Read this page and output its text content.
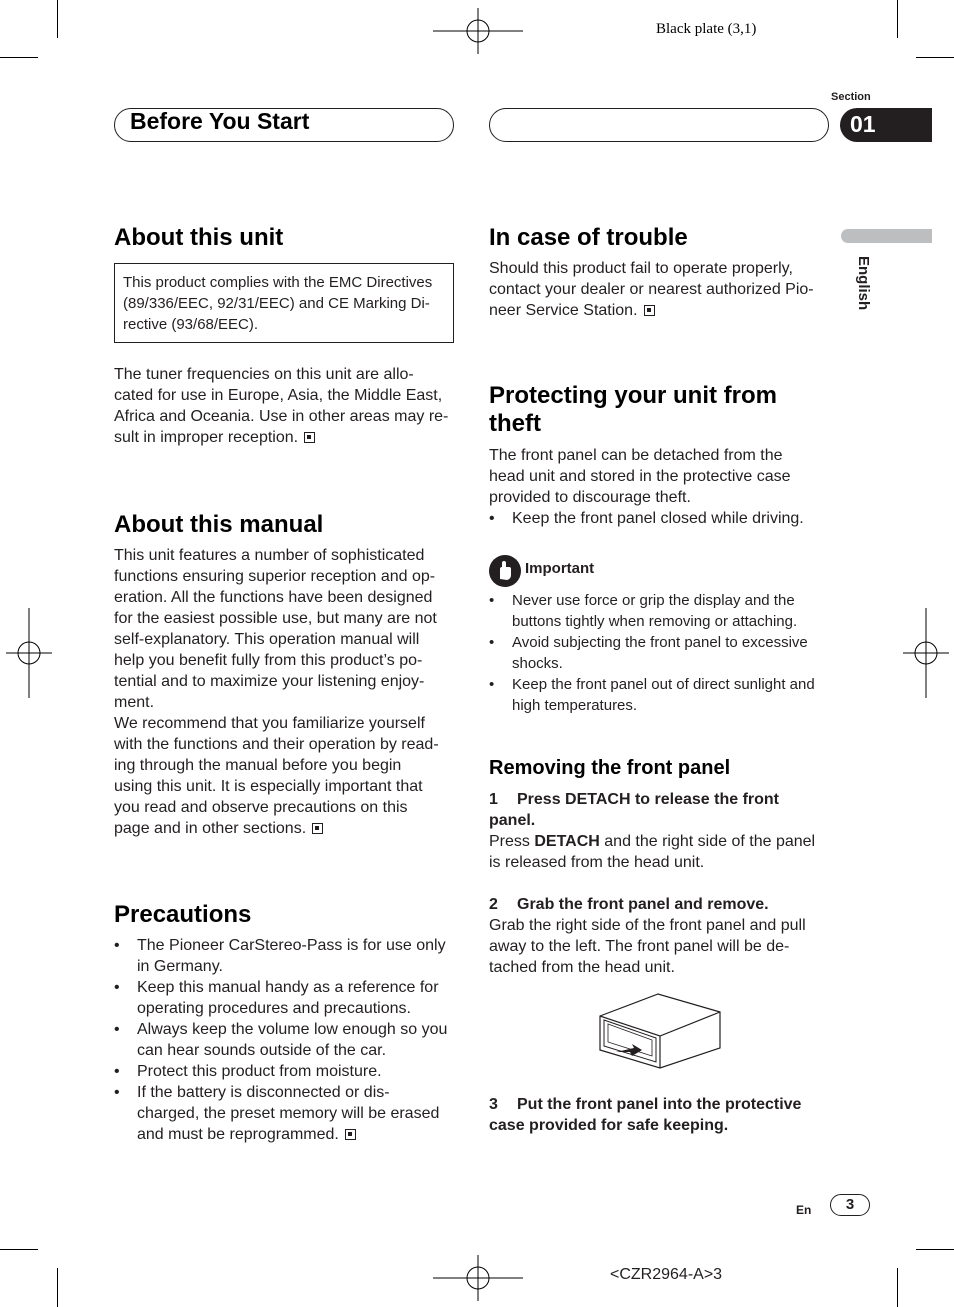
Black plate (3,1)
Before You Start
Section
01
English
About this unit
This product complies with the EMC Directives
(89/336/EEC, 92/31/EEC) and CE Marking Di-
rective (93/68/EEC).
The tuner frequencies on this unit are allo-
cated for use in Europe, Asia, the Middle East,
Africa and Oceania. Use in other areas may re-
sult in improper reception.
About this manual
This unit features a number of sophisticated
functions ensuring superior reception and op-
eration. All the functions have been designed
for the easiest possible use, but many are not
self-explanatory. This operation manual will
help you benefit fully from this product’s po-
tential and to maximize your listening enjoy-
ment.
We recommend that you familiarize yourself
with the functions and their operation by read-
ing through the manual before you begin
using this unit. It is especially important that
you read and observe precautions on this
page and in other sections.
Precautions
• The Pioneer CarStereo-Pass is for use only
in Germany.
• Keep this manual handy as a reference for
operating procedures and precautions.
• Always keep the volume low enough so you
can hear sounds outside of the car.
• Protect this product from moisture.
• If the battery is disconnected or dis-
charged, the preset memory will be erased
and must be reprogrammed.
In case of trouble
Should this product fail to operate properly,
contact your dealer or nearest authorized Pio-
neer Service Station.
Protecting your unit from
theft
The front panel can be detached from the
head unit and stored in the protective case
provided to discourage theft.
• Keep the front panel closed while driving.
Important
• Never use force or grip the display and the
buttons tightly when removing or attaching.
• Avoid subjecting the front panel to excessive
shocks.
• Keep the front panel out of direct sunlight and
high temperatures.
Removing the front panel
1 Press DETACH to release the front
panel.
Press DETACH and the right side of the panel
is released from the head unit.
2 Grab the front panel and remove.
Grab the right side of the front panel and pull
away to the left. The front panel will be de-
tached from the head unit.
3 Put the front panel into the protective
case provided for safe keeping.
En	3
<CZR2964-A>3
